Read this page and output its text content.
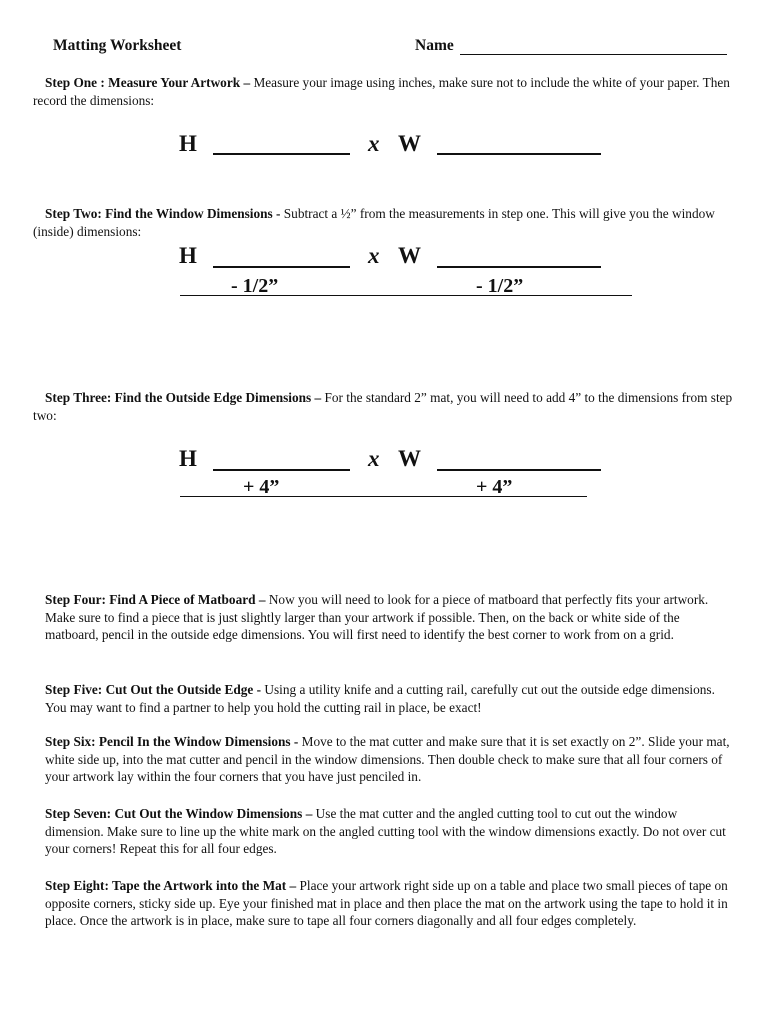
Matting Worksheet	Name
Step One : Measure Your Artwork – Measure your image using inches, make sure not to include the white of your paper. Then record the dimensions:
H	x W
Step Two: Find the Window Dimensions - Subtract a ½” from the measurements in step one. This will give you the window (inside) dimensions:
H	x W
- 1/2”	- 1/2”
Step Three: Find the Outside Edge Dimensions – For the standard 2” mat, you will need to add 4” to the dimensions from step two:
H	x W
+ 4”	+ 4”
Step Four: Find A Piece of Matboard – Now you will need to look for a piece of matboard that perfectly fits your artwork. Make sure to find a piece that is just slightly larger than your artwork if possible. Then, on the back or white side of the matboard, pencil in the outside edge dimensions. You will first need to identify the best corner to work from on a grid.
Step Five: Cut Out the Outside Edge - Using a utility knife and a cutting rail, carefully cut out the outside edge dimensions. You may want to find a partner to help you hold the cutting rail in place, be exact!
Step Six: Pencil In the Window Dimensions - Move to the mat cutter and make sure that it is set exactly on 2”. Slide your mat, white side up, into the mat cutter and pencil in the window dimensions. Then double check to make sure that all four corners of your artwork lay within the four corners that you have just penciled in.
Step Seven: Cut Out the Window Dimensions – Use the mat cutter and the angled cutting tool to cut out the window dimension. Make sure to line up the white mark on the angled cutting tool with the window dimensions exactly. Do not over cut your corners! Repeat this for all four edges.
Step Eight: Tape the Artwork into the Mat – Place your artwork right side up on a table and place two small pieces of tape on opposite corners, sticky side up. Eye your finished mat in place and then place the mat on the artwork using the tape to hold it in place. Once the artwork is in place, make sure to tape all four corners diagonally and all four edges completely.
